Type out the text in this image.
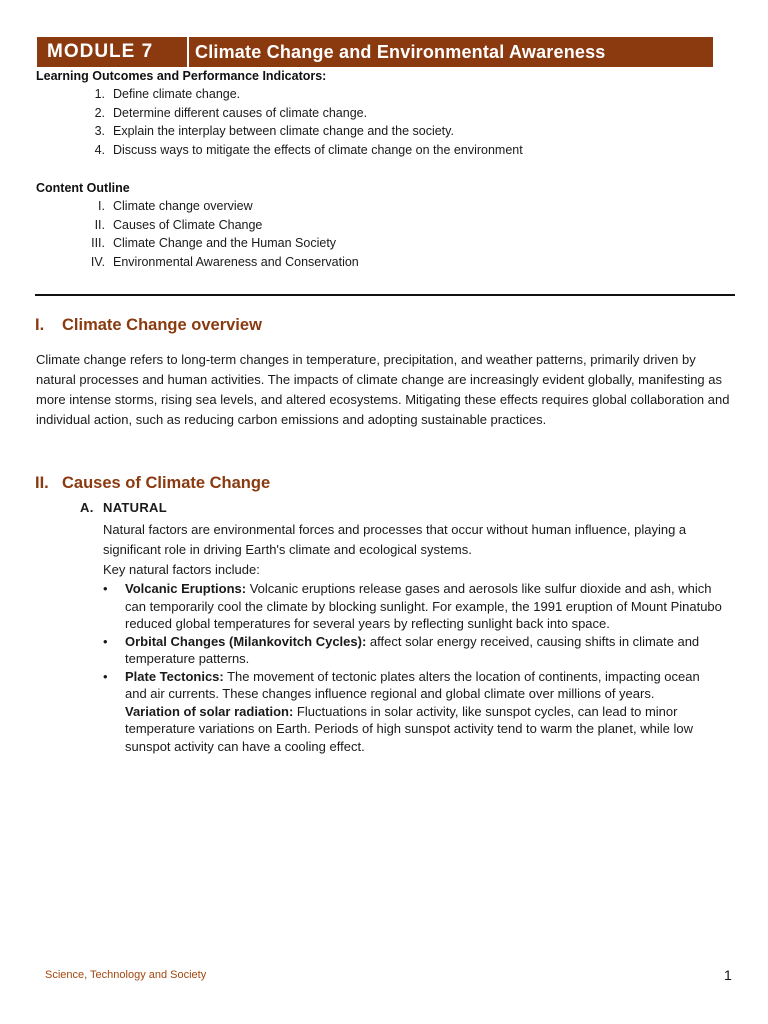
MODULE 7	Climate Change and Environmental Awareness
Learning Outcomes and Performance Indicators:
1. Define climate change.
2. Determine different causes of climate change.
3. Explain the interplay between climate change and the society.
4. Discuss ways to mitigate the effects of climate change on the environment
Content Outline
I. Climate change overview
II. Causes of Climate Change
III. Climate Change and the Human Society
IV. Environmental Awareness and Conservation
I.	Climate Change overview
Climate change refers to long-term changes in temperature, precipitation, and weather patterns, primarily driven by natural processes and human activities. The impacts of climate change are increasingly evident globally, manifesting as more intense storms, rising sea levels, and altered ecosystems. Mitigating these effects requires global collaboration and individual action, such as reducing carbon emissions and adopting sustainable practices.
II. Causes of Climate Change
A. NATURAL
Natural factors are environmental forces and processes that occur without human influence, playing a significant role in driving Earth's climate and ecological systems.
Key natural factors include:
•	Volcanic Eruptions: Volcanic eruptions release gases and aerosols like sulfur dioxide and ash, which can temporarily cool the climate by blocking sunlight. For example, the 1991 eruption of Mount Pinatubo reduced global temperatures for several years by reflecting sunlight back into space.
•	Orbital Changes (Milankovitch Cycles): affect solar energy received, causing shifts in climate and temperature patterns.
•	Plate Tectonics: The movement of tectonic plates alters the location of continents, impacting ocean and air currents. These changes influence regional and global climate over millions of years.
Variation of solar radiation: Fluctuations in solar activity, like sunspot cycles, can lead to minor temperature variations on Earth. Periods of high sunspot activity tend to warm the planet, while low sunspot activity can have a cooling effect.
Science, Technology and Society	1
